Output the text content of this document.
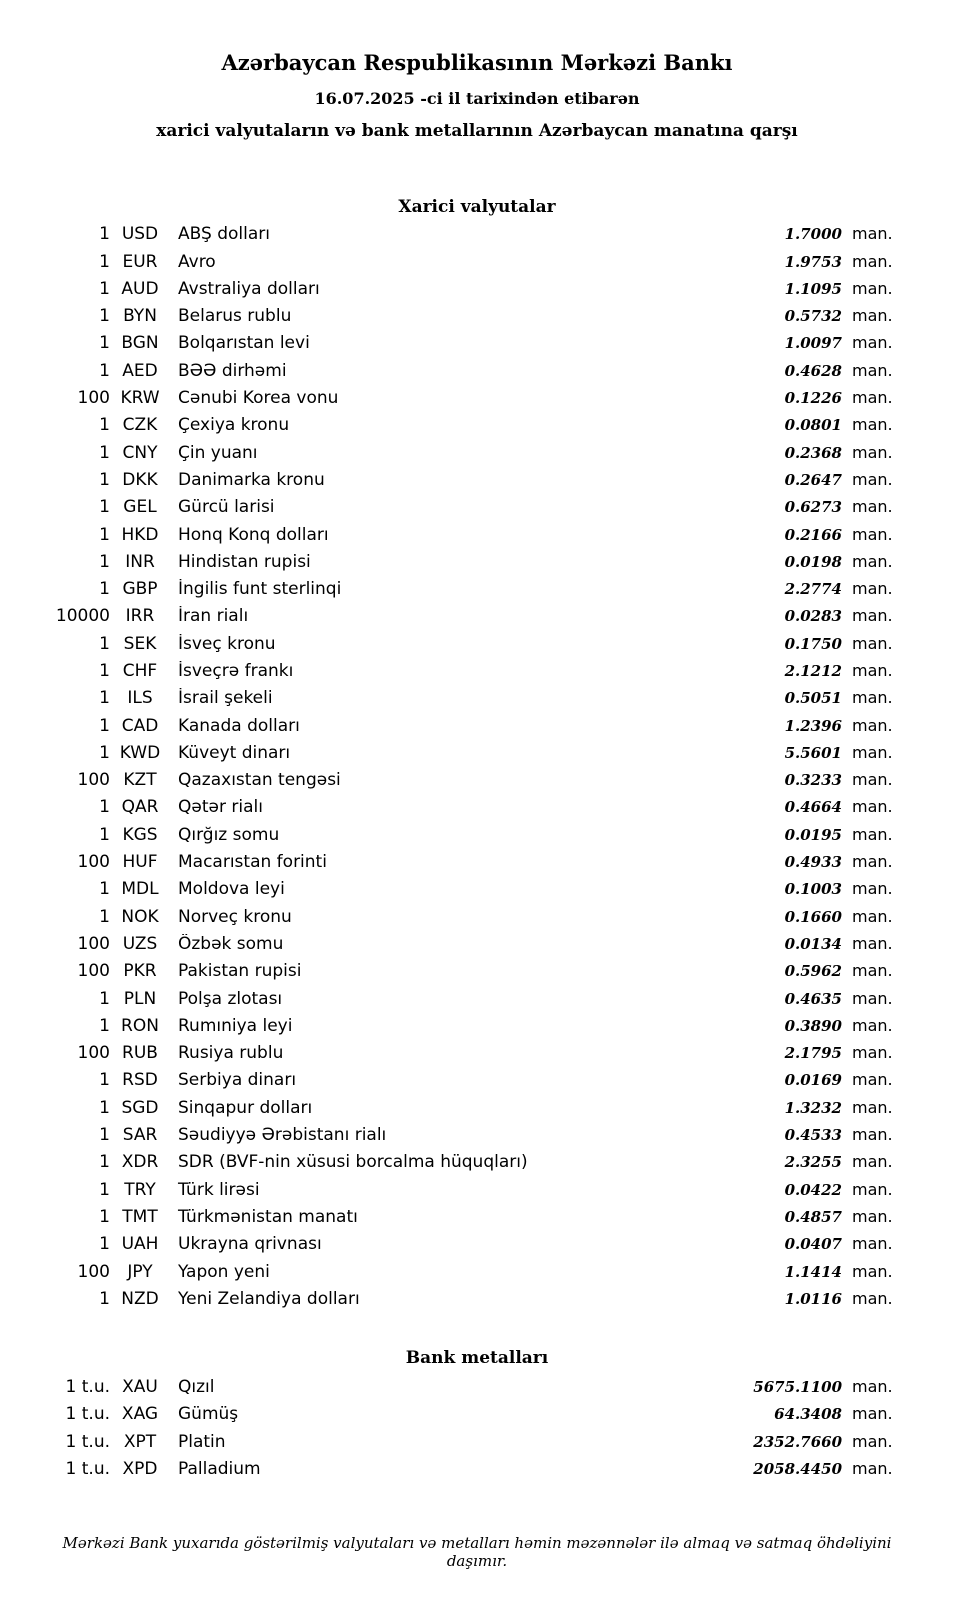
Azərbaycan Respublikasının Mərkəzi Bankı
16.07.2025 -ci il tarixindən etibarən
xarici valyutaların və bank metallarının Azərbaycan manatına qarşı
Xarici valyutalar
1 USD	ABŞ dolları	1.7000 man.
1 EUR	Avro	1.9753 man.
1 AUD	Avstraliya dolları	1.1095 man.
1 BYN	Belarus rublu	0.5732 man.
1 BGN	Bolqarıstan levi	1.0097 man.
1 AED	BƏƏ dirhəmi	0.4628 man.
100 KRW	Cənubi Korea vonu	0.1226 man.
1 CZK	Çexiya kronu	0.0801 man.
1 CNY	Çin yuanı	0.2368 man.
1 DKK	Danimarka kronu	0.2647 man.
1 GEL	Gürcü larisi	0.6273 man.
1 HKD	Honq Konq dolları	0.2166 man.
1 INR	Hindistan rupisi	0.0198 man.
1 GBP	İngilis funt sterlinqi	2.2774 man.
10000 IRR	İran rialı	0.0283 man.
1 SEK	İsveç kronu	0.1750 man.
1 CHF	İsveçrə frankı	2.1212 man.
1	ILS	İsrail şekeli	0.5051 man.
1 CAD	Kanada dolları	1.2396 man.
1 KWD	Küveyt dinarı	5.5601 man.
100 KZT	Qazaxıstan tengəsi	0.3233 man.
1 QAR	Qətər rialı	0.4664 man.
1 KGS	Qırğız somu	0.0195 man.
100 HUF	Macarıstan forinti	0.4933 man.
1 MDL	Moldova leyi	0.1003 man.
1 NOK	Norveç kronu	0.1660 man.
100 UZS	Özbək somu	0.0134 man.
100 PKR	Pakistan rupisi	0.5962 man.
1 PLN	Polşa zlotası	0.4635 man.
1 RON	Rumıniya leyi	0.3890 man.
100 RUB	Rusiya rublu	2.1795 man.
1 RSD	Serbiya dinarı	0.0169 man.
1 SGD	Sinqapur dolları	1.3232 man.
1 SAR	Səudiyyə Ərəbistanı rialı	0.4533 man.
1 XDR	SDR (BVF-nin xüsusi borcalma hüquqları)	2.3255 man.
1 TRY	Türk lirəsi	0.0422 man.
1 TMT	Türkmənistan manatı	0.4857 man.
1 UAH	Ukrayna qrivnası	0.0407 man.
100	JPY	Yapon yeni	1.1414 man.
1 NZD	Yeni Zelandiya dolları	1.0116 man.
Bank metalları
1 t.u. XAU	Qızıl	5675.1100 man.
1 t.u. XAG	Gümüş	64.3408 man.
1 t.u. XPT	Platin	2352.7660 man.
1 t.u. XPD	Palladium	2058.4450 man.
Mərkəzi Bank yuxarıda göstərilmiş valyutaları və metalları həmin məzənnələr ilə almaq və satmaq öhdəliyini daşımır.
